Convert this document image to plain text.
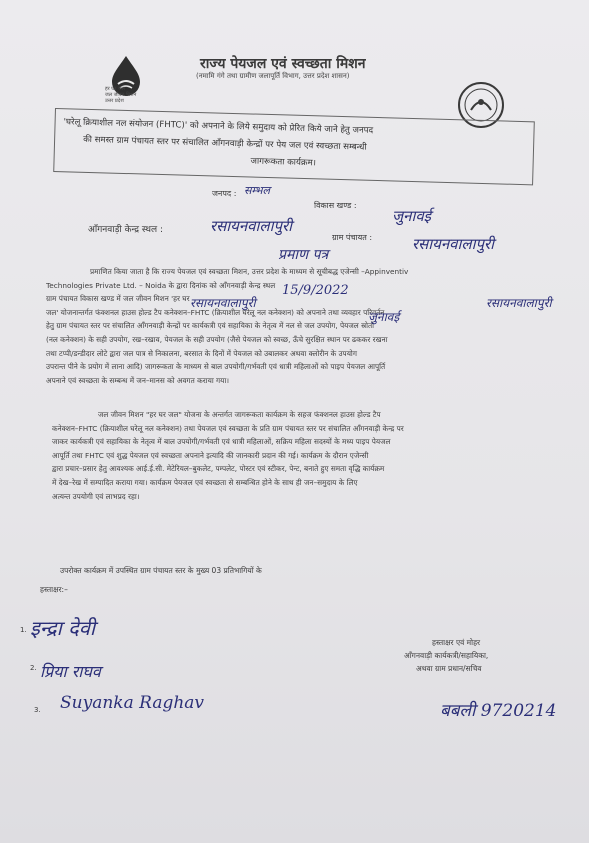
हर घर जल
जल जीवन मिशन
उत्तर प्रदेश
राज्य पेयजल एवं स्वच्छता मिशन
(नमामि गंगे तथा ग्रामीण जलापूर्ति विभाग, उत्तर प्रदेश शासन)
'घरेलू क्रियाशील नल संयोजन (FHTC)' को अपनाने के लिये समुदाय को प्रेरित किये जाने हेतु जनपद
की समस्त ग्राम पंचायत स्तर पर संचालित आँगनवाड़ी केन्द्रों पर पेय जल एवं स्वच्छता सम्बन्धी
जागरूकता कार्यक्रम।
जनपद : सम्भल
विकास खण्ड :
जुनावई
आँगनवाड़ी केन्द्र स्थल :	रसायनवालापुरी
ग्राम पंचायत :	रसायनवालापुरी
प्रमाण पत्र
प्रमाणित किया जाता है कि राज्य पेयजल एवं स्वच्छता मिशन, उत्तर प्रदेश के माध्यम से सूचीबद्ध एजेन्सी –Appinventiv
Technologies Private Ltd. – Noida के द्वारा दिनांक को आँगनवाड़ी केन्द्र स्थल
ग्राम पंचायत विकास खण्ड में जल जीवन मिशन 'हर घर
जल' योजनान्तर्गत फंक्शनल हाउस होल्ड टैप कनेक्शन–FHTC (क्रियाशील घरेलू नल कनेक्शन) को अपनाने तथा व्यवहार परिवर्तन
हेतु ग्राम पंचायत स्तर पर संचालित आँगनवाड़ी केन्द्रों पर कार्यकत्री एवं सहायिका के नेतृत्व में नल से जल उपयोग, पेयजल स्रोतों
(नल कनेक्शन) के सही उपयोग, रख–रखाव, पेयजल के सही उपयोग (जैसे पेयजल को स्वच्छ, ऊँचे सुरक्षित स्थान पर ढककर रखना
तथा टप्पी/डन्डीदार लोटे द्वारा जल पात्र से निकालना, बरसात के दिनों में पेयजल को उबालकर अथवा क्लोरीन के उपयोग
उपरान्त पीने के प्रयोग में लाना आदि) जागरूकता के माध्यम से बाल उपयोगी/गर्भवती एवं धात्री महिलाओं को पाइप पेयजल आपूर्ति
अपनाने एवं स्वच्छता के सम्बन्ध में जन–मानस को अवगत कराया गया।
15/9/2022
रसायनवालापुरी	रसायनवालापुरी
जुनावई
जल जीवन मिशन "हर घर जल" योजना के अन्तर्गत जागरूकता कार्यक्रम के सहज फंक्शनल हाउस होल्ड टैप
कनेक्शन–FHTC (क्रियाशील घरेलू नल कनेक्शन) तथा पेयजल एवं स्वच्छता के प्रति ग्राम पंचायत स्तर पर संचालित आँगनवाड़ी केन्द्र पर
जाकर कार्यकत्री एवं सहायिका के नेतृत्व में बाल उपयोगी/गर्भवती एवं धात्री महिलाओं, सक्रिय महिला सदस्यों के मध्य पाइप पेयजल
आपूर्ति तथा FHTC एवं शुद्ध पेयजल एवं स्वच्छता अपनाने इत्यादि की जानकारी प्रदान की गई। कार्यक्रम के दौरान एजेन्सी
द्वारा प्रचार–प्रसार हेतु आवश्यक आई.ई.सी. मेटेरियल–बुकलेट, पम्पलेट, पोस्टर एवं स्टीकर, पेन्ट, बनाते हुए समता वृद्धि कार्यक्रम
में देख–रेख में सम्पादित कराया गया। कार्यक्रम पेयजल एवं स्वच्छता से सम्बन्धित होने के साथ ही जन–समुदाय के लिए
अत्यन्त उपयोगी एवं लाभप्रद रहा।
उपरोक्त कार्यक्रम में उपस्थित ग्राम पंचायत स्तर के मुख्य 03 प्रतिभागियों के
हस्ताक्षर:–
1. इन्द्रा देवी
2. प्रिया राघव
3. Suyanka Raghav
हस्ताक्षर एवं मोहर
आँगनवाड़ी कार्यकत्री/सहायिका,
अथवा ग्राम प्रधान/सचिव
बबली 9720214
